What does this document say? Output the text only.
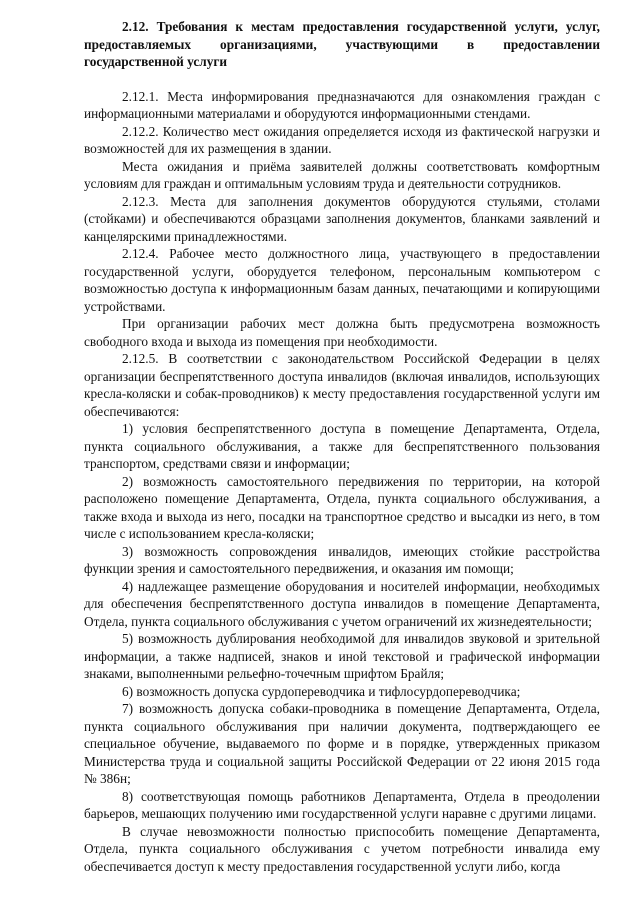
2.12. Требования к местам предоставления государственной услуги, услуг, предоставляемых организациями, участвующими в предоставлении государственной услуги

2.12.1. Места информирования предназначаются для ознакомления граждан с информационными материалами и оборудуются информационными стендами.

2.12.2. Количество мест ожидания определяется исходя из фактической нагрузки и возможностей для их размещения в здании.

Места ожидания и приёма заявителей должны соответствовать комфортным условиям для граждан и оптимальным условиям труда и деятельности сотрудников.

2.12.3. Места для заполнения документов оборудуются стульями, столами (стойками) и обеспечиваются образцами заполнения документов, бланками заявлений и канцелярскими принадлежностями.

2.12.4. Рабочее место должностного лица, участвующего в предоставлении государственной услуги, оборудуется телефоном, персональным компьютером с возможностью доступа к информационным базам данных, печатающими и копирующими устройствами.

При организации рабочих мест должна быть предусмотрена возможность свободного входа и выхода из помещения при необходимости.

2.12.5. В соответствии с законодательством Российской Федерации в целях организации беспрепятственного доступа инвалидов (включая инвалидов, использующих кресла-коляски и собак-проводников) к месту предоставления государственной услуги им обеспечиваются:

1) условия беспрепятственного доступа в помещение Департамента, Отдела, пункта социального обслуживания, а также для беспрепятственного пользования транспортом, средствами связи и информации;

2) возможность самостоятельного передвижения по территории, на которой расположено помещение Департамента, Отдела, пункта социального обслуживания, а также входа и выхода из него, посадки на транспортное средство и высадки из него, в том числе с использованием кресла-коляски;

3) возможность сопровождения инвалидов, имеющих стойкие расстройства функции зрения и самостоятельного передвижения, и оказания им помощи;

4) надлежащее размещение оборудования и носителей информации, необходимых для обеспечения беспрепятственного доступа инвалидов в помещение Департамента, Отдела, пункта социального обслуживания с учетом ограничений их жизнедеятельности;

5) возможность дублирования необходимой для инвалидов звуковой и зрительной информации, а также надписей, знаков и иной текстовой и графической информации знаками, выполненными рельефно-точечным шрифтом Брайля;

6) возможность допуска сурдопереводчика и тифлосурдопереводчика;

7) возможность допуска собаки-проводника в помещение Департамента, Отдела, пункта социального обслуживания при наличии документа, подтверждающего ее специальное обучение, выдаваемого по форме и в порядке, утвержденных приказом Министерства труда и социальной защиты Российской Федерации от 22 июня 2015 года № 386н;

8) соответствующая помощь работников Департамента, Отдела в преодолении барьеров, мешающих получению ими государственной услуги наравне с другими лицами.

В случае невозможности полностью приспособить помещение Департамента, Отдела, пункта социального обслуживания с учетом потребности инвалида ему обеспечивается доступ к месту предоставления государственной услуги либо, когда
